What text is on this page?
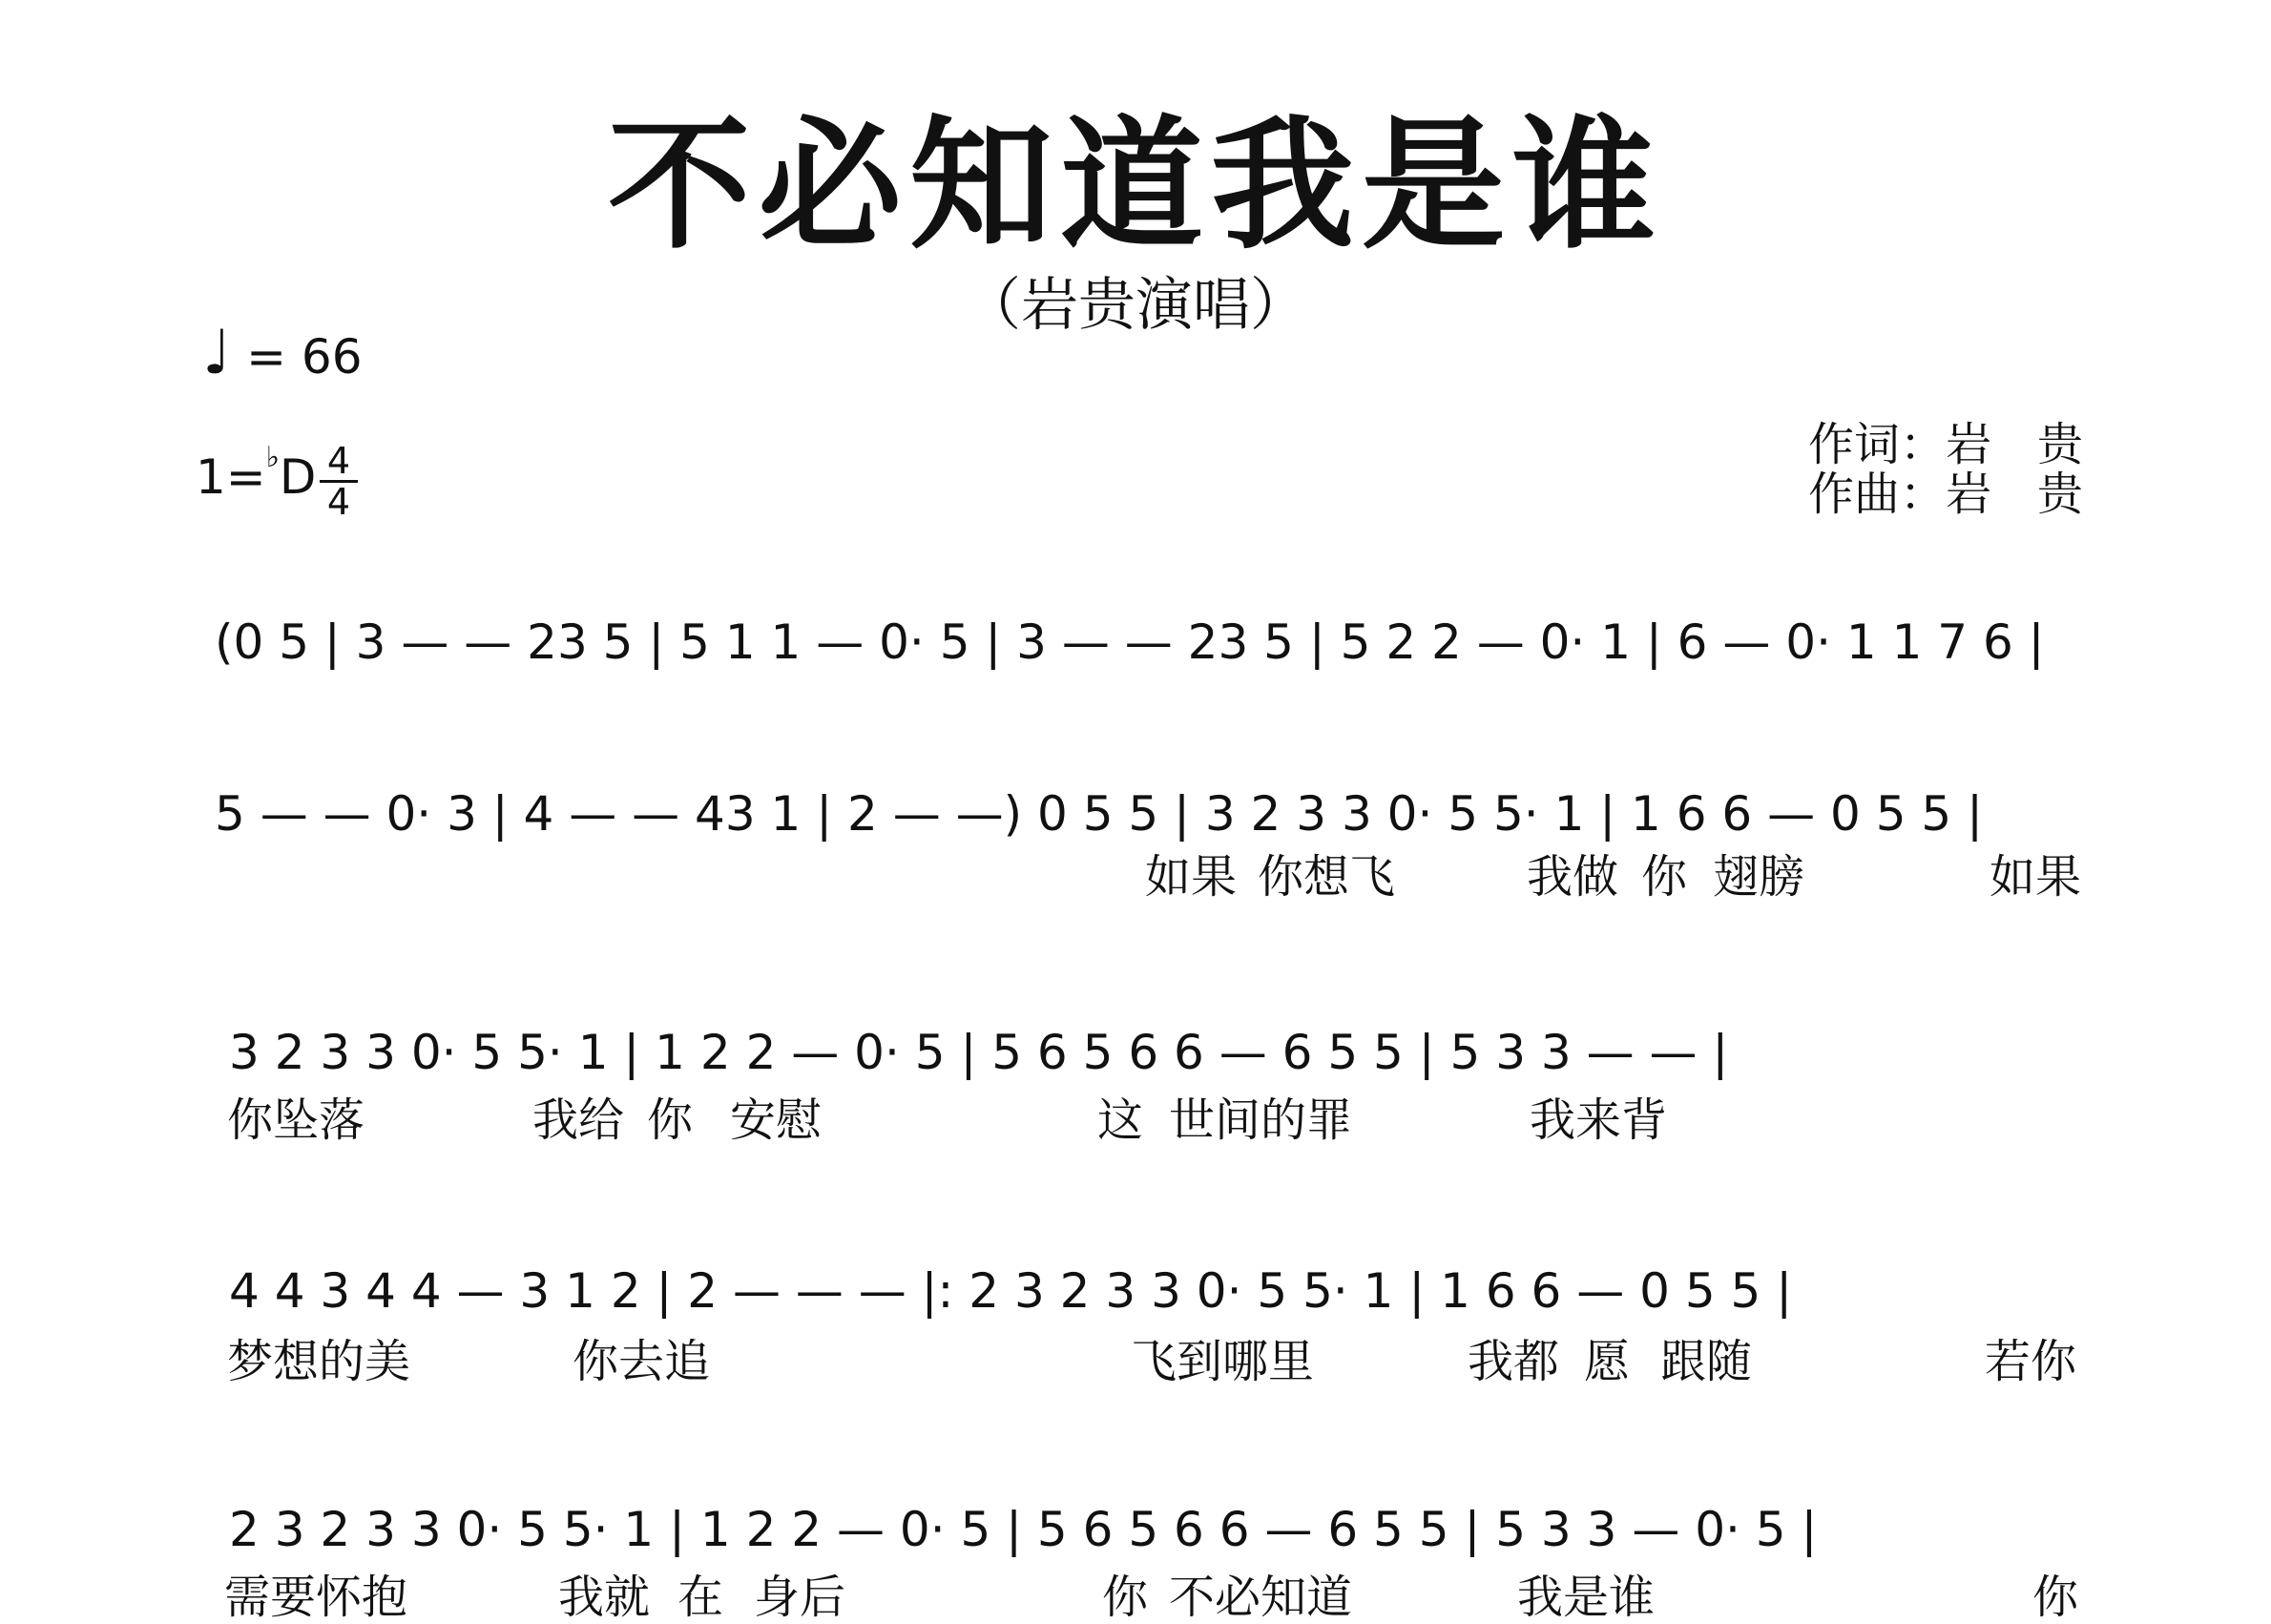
不必知道我是谁
（岩贵演唱）
♩ = 66
1=♭D 4
4
作词：岩　贵
作曲：岩　贵
(0 5 | 3 — — 23 5 | 5 1 1 — 0· 5 | 3 — — 23 5 | 5 2 2 — 0· 1 | 6 — 0· 1 1 7 6 |
5 — — 0· 3 | 4 — — 43 1 | 2 — —) 0 5 5 | 3 2 3 3 0· 5 5· 1 | 1 6 6 — 0 5 5 |
如果 你想飞	我做 你 翅膀	如果
3 2 3 3 0· 5 5· 1 | 1 2 2 — 0· 5 | 5 6 5 6 6 — 6 5 5 | 5 3 3 — — |
你坠落	我给 你 安慰	这 世间的罪	我来背
4 4 3 4 4 — 3 1 2 | 2 — — — |: 2 3 2 3 3 0· 5 5· 1 | 1 6 6 — 0 5 5 |
梦想的美	你去追	飞到哪里	我都 愿 跟随	若你
2 3 2 3 3 0· 5 5· 1 | 1 2 2 — 0· 5 | 5 6 5 6 6 — 6 5 5 | 5 3 3 — 0· 5 |
需要怀抱	我就 在 身后	你 不必知道	我是谁	你
